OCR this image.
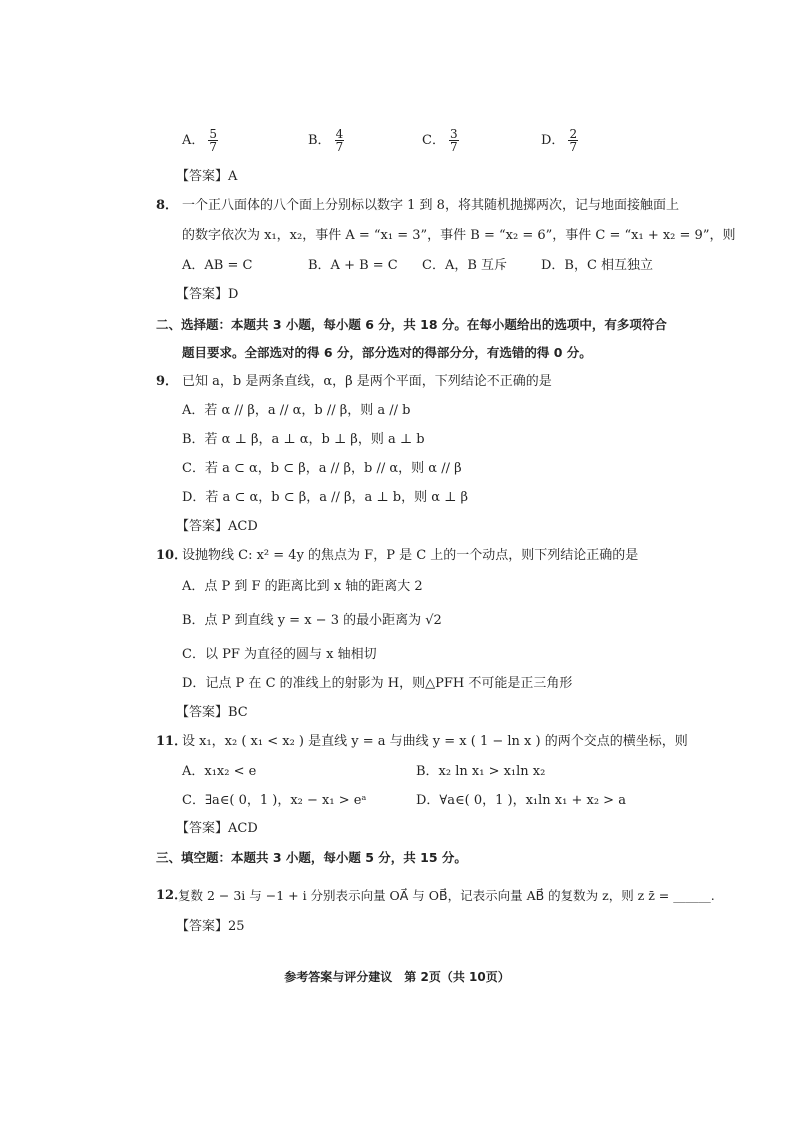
A． $\frac{5}{7}$	B． $\frac{4}{7}$	C． $\frac{3}{7}$	D． $\frac{2}{7}$
【答案】A
8． 一个正八面体的八个面上分别标以数字 1 到 8，将其随机抛掷两次，记与地面接触面上
的数字依次为 x₁，x₂，事件 A = “x₁ = 3”，事件 B = “x₂ = 6”，事件 C = “x₁ + x₂ = 9”，则
A．AB = C	B．A + B = C C．A，B 互斥	D．B，C 相互独立
【答案】D
二、选择题：本题共 3 小题，每小题 6 分，共 18 分。在每小题给出的选项中，有多项符合
题目要求。全部选对的得 6 分，部分选对的得部分分，有选错的得 0 分。
9． 已知 a，b 是两条直线，α，β 是两个平面，下列结论不正确的是
A．若 α // β，a // α，b // β，则 a // b
B．若 α ⊥ β，a ⊥ α，b ⊥ β，则 a ⊥ b
C．若 a ⊂ α，b ⊂ β，a // β，b // α，则 α // β
D．若 a ⊂ α，b ⊂ β，a // β，a ⊥ b，则 α ⊥ β
【答案】ACD
10．
设抛物线 C: x² = 4y 的焦点为 F，P 是 C 上的一个动点，则下列结论正确的是
A．点 P 到 F 的距离比到 x 轴的距离大 2
B．点 P 到直线 y = x − 3 的最小距离为 √2
C．以 PF 为直径的圆与 x 轴相切
D．记点 P 在 C 的准线上的射影为 H，则△PFH 不可能是正三角形
【答案】BC
11．
设 x₁，x₂ ( x₁ < x₂ ) 是直线 y = a 与曲线 y = x ( 1 − ln x ) 的两个交点的横坐标，则
A．x₁x₂ < e	B．x₂ ln x₁ > x₁ln x₂
C．∃a∈( 0，1 )，x₂ − x₁ > eᵃ	D．∀a∈( 0，1 )，x₁ln x₁ + x₂ > a
【答案】ACD
三、填空题：本题共 3 小题，每小题 5 分，共 15 分。
12．
复数 2 − 3i 与 −1 + i 分别表示向量 OA⃗ 与 OB⃗，记表示向量 AB⃗ 的复数为 z，则 z z̄ = ______.
【答案】25
参考答案与评分建议　第 2页（共 10页）
